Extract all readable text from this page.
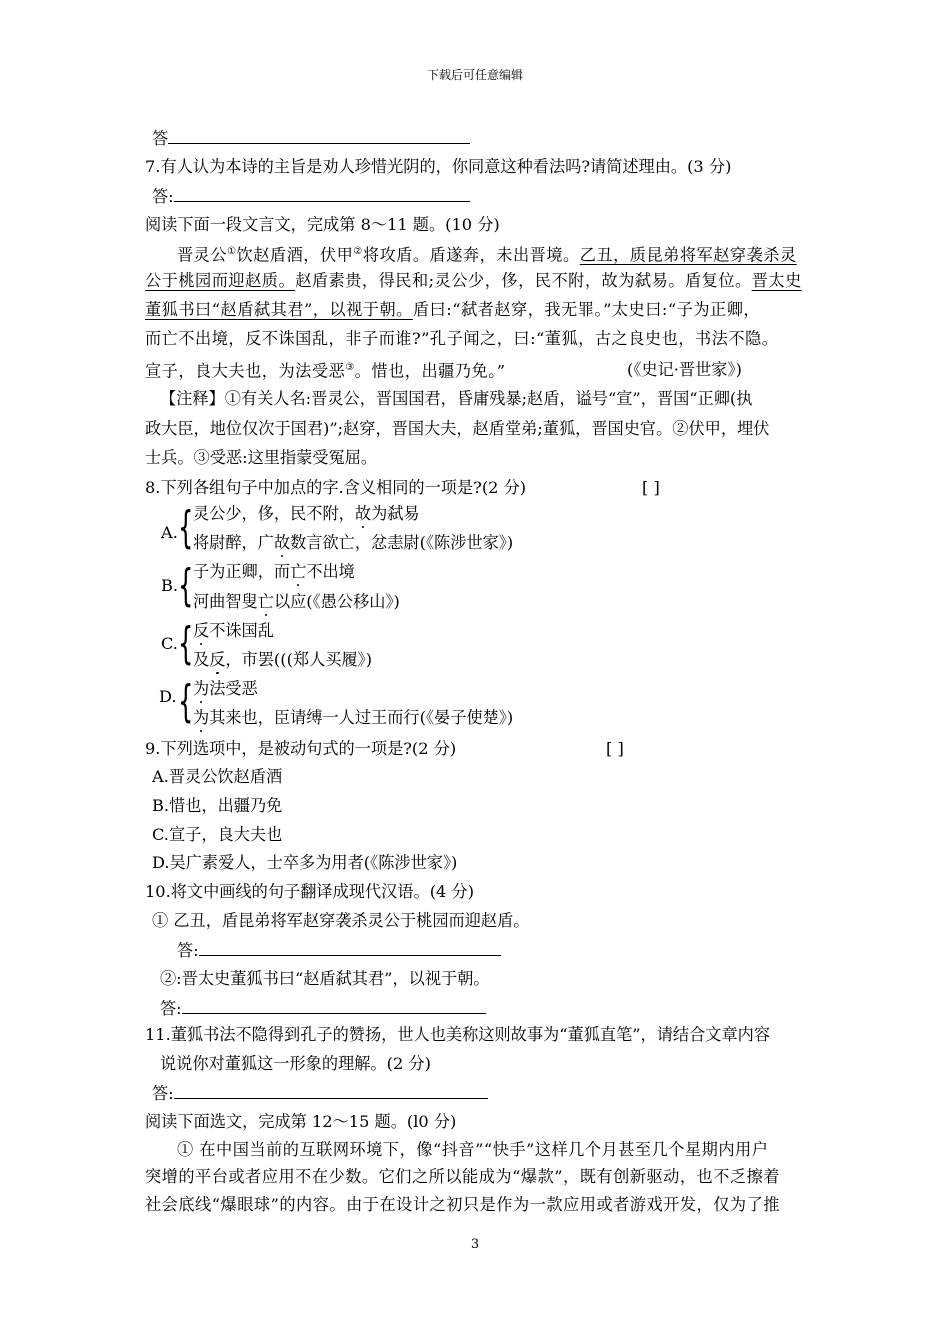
下载后可任意编辑
答
7.有人认为本诗的主旨是劝人珍惜光阴的，你同意这种看法吗?请简述理由。(3 分)
答:
阅读下面一段文言文，完成第 8～11 题。(10 分)
晋灵公①饮赵盾酒，伏甲②将攻盾。盾遂奔，未出晋境。乙丑，质昆弟将军赵穿袭杀灵
公于桃园而迎赵质。赵盾素贵，得民和;灵公少，侈，民不附，故为弑易。盾复位。晋太史
董狐书曰“赵盾弑其君”，以视于朝。盾曰:“弑者赵穿，我无罪。”太史曰:“子为正卿，
而亡不出境，反不诛国乱，非子而谁?”孔子闻之，曰:“董狐，古之良史也，书法不隐。
宣子，良大夫也，为法受恶③。惜也，出疆乃免。”	(《史记·晋世家》)
【注释】①有关人名:晋灵公，晋国国君，昏庸残暴;赵盾，谥号“宣”，晋国“正卿(执
政大臣，地位仅次于国君)”;赵穿，晋国大夫，赵盾堂弟;董狐，晋国史官。②伏甲，埋伏
士兵。③受恶:这里指蒙受冤屈。
8.下列各组句子中加点的字.含义相同的一项是?(2 分)	[ ]
A. { 灵公少，侈，民不附，故为弑易
将尉醉，广故数言欲亡，忿恚尉(《陈涉世家》)
B. { 子为正卿，而亡不出境
河曲智叟亡以应(《愚公移山》)
C. { 反不诛国乱
及反，市罢(((郑人买履》)
D. { 为法受恶
为其来也，臣请缚一人过王而行(《晏子使楚》)
9.下列选项中，是被动句式的一项是?(2 分)	[ ]
A.晋灵公饮赵盾酒
B.惜也，出疆乃免
C.宣子，良大夫也
D.吴广素爱人，士卒多为用者(《陈涉世家》)
10.将文中画线的句子翻译成现代汉语。(4 分)
① 乙丑，盾昆弟将军赵穿袭杀灵公于桃园而迎赵盾。
答:
②:晋太史董狐书曰“赵盾弑其君”，以视于朝。
答:
11.董狐书法不隐得到孔子的赞扬，世人也美称这则故事为“董狐直笔”，请结合文章内容
说说你对董狐这一形象的理解。(2 分)
答:
阅读下面选文，完成第 12～15 题。(l0 分)
① 在中国当前的互联网环境下，像“抖音”“快手”这样几个月甚至几个星期内用户
突增的平台或者应用不在少数。它们之所以能成为“爆款”，既有创新驱动，也不乏擦着
社会底线“爆眼球”的内容。由于在设计之初只是作为一款应用或者游戏开发，仅为了推
3
